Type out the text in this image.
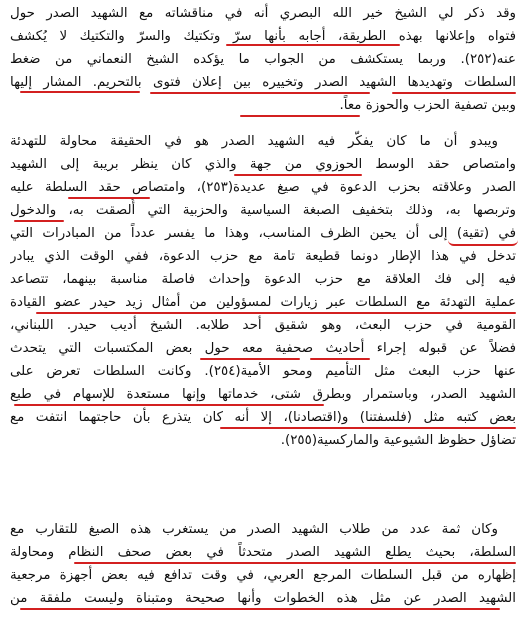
وقد ذكر لي الشيخ خير الله البصري أنه في مناقشاته مع الشهيد الصدر حول
فتواه وإعلانها بهذه الطريقة، أجابه بأنها سرّ وتكتيك والسرّ والتكتيك لا يُكشف
عنه(٢٥٢). وربما يستكشف من الجواب ما يؤكده الشيخ النعماني من ضغط
السلطات وتهديدها الشهيد الصدر وتخييره بين إعلان فتوى بالتحريم. المشار إليها
وبين تصفية الحزب والحوزة معاً.
ويبدو أن ما كان يفكّر فيه الشهيد الصدر هو في الحقيقة محاولة للتهدئة
وامتصاص حقد الوسط الحوزوي من جهة والذي كان ينظر بريبة إلى الشهيد
الصدر وعلاقته بحزب الدعوة في صيغ عديدة(٢٥٣)، وامتصاص حقد السلطة عليه
وتربصها به، وذلك بتخفيف الصبغة السياسية والحزبية التي أُلصقت به، والدخول
في (تقية) إلى أن يحين الظرف المناسب، وهذا ما يفسر عدداً من المبادرات التي
تدخل في هذا الإطار دونما قطيعة تامة مع حزب الدعوة، ففي الوقت الذي يبادر
فيه إلى فك العلاقة مع حزب الدعوة وإحداث فاصلة مناسبة بينهما، تتصاعد
عملية التهدئة مع السلطات عبر زيارات لمسؤولين من أمثال زيد حيدر عضو القيادة
القومية في حزب البعث، وهو شقيق أحد طلابه. الشيخ أديب حيدر. اللبناني،
فضلاً عن قبوله إجراء أحاديث صحفية معه حول بعض المكتسبات التي يتحدث
عنها حزب البعث مثل التأميم ومحو الأمية(٢٥٤). وكانت السلطات تعرض على
الشهيد الصدر، وباستمرار وبطرق شتى، خدماتها وإنها مستعدة للإسهام في طبع
بعض كتبه مثل (فلسفتنا) و(اقتصادنا)، إلا أنه كان يتذرع بأن حاجتهما انتفت مع
تضاؤل حظوظ الشيوعية والماركسية(٢٥٥).
وكان ثمة عدد من طلاب الشهيد الصدر من يستغرب هذه الصيغ للتقارب مع
السلطة، بحيث يطلع الشهيد الصدر متحدثاً في بعض صحف النظام ومحاولة
إظهاره من قبل السلطات المرجع العربي، في وقت تدافع فيه بعض أجهزة مرجعية
الشهيد الصدر عن مثل هذه الخطوات وأنها صحيحة ومتبناة وليست ملفقة من
